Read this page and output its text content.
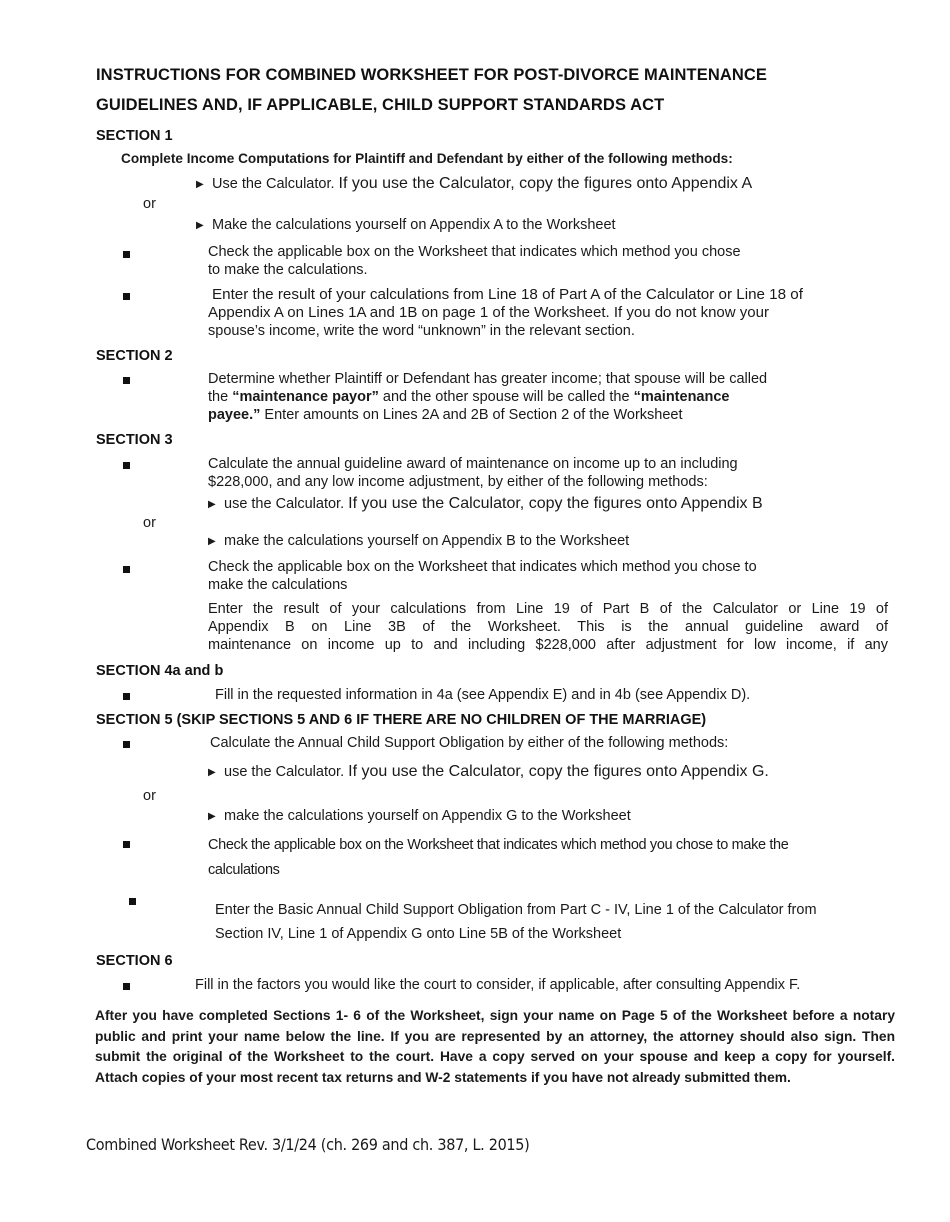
INSTRUCTIONS FOR COMBINED WORKSHEET FOR POST-DIVORCE MAINTENANCE
GUIDELINES AND, IF APPLICABLE, CHILD SUPPORT STANDARDS ACT
SECTION 1
Complete Income Computations for Plaintiff and Defendant by either of the following methods:
▶ Use the Calculator. If you use the Calculator, copy the figures onto Appendix A
or
▶ Make the calculations yourself on Appendix A to the Worksheet
Check the applicable box on the Worksheet that indicates which method you chose
to make the calculations.
Enter the result of your calculations from Line 18 of Part A of the Calculator or Line 18 of
Appendix A on Lines 1A and 1B on page 1 of the Worksheet. If you do not know your
spouse’s income, write the word “unknown” in the relevant section.
SECTION 2
Determine whether Plaintiff or Defendant has greater income; that spouse will be called
the “maintenance payor” and the other spouse will be called the “maintenance
payee.” Enter amounts on Lines 2A and 2B of Section 2 of the Worksheet
SECTION 3
Calculate the annual guideline award of maintenance on income up to an including
$228,000, and any low income adjustment, by either of the following methods:
▶ use the Calculator. If you use the Calculator, copy the figures onto Appendix B
or
▶ make the calculations yourself on Appendix B to the Worksheet
Check the applicable box on the Worksheet that indicates which method you chose to
make the calculations
Enter the result of your calculations from Line 19 of Part B of the Calculator or Line 19 of
Appendix B on Line 3B of the Worksheet. This is the annual guideline award of
maintenance on income up to and including $228,000 after adjustment for low income, if any
SECTION 4a and b
Fill in the requested information in 4a (see Appendix E) and in 4b (see Appendix D).
SECTION 5 (SKIP SECTIONS 5 AND 6 IF THERE ARE NO CHILDREN OF THE MARRIAGE)
Calculate the Annual Child Support Obligation by either of the following methods:
▶ use the Calculator. If you use the Calculator, copy the figures onto Appendix G.
or
▶ make the calculations yourself on Appendix G to the Worksheet
Check the applicable box on the Worksheet that indicates which method you chose to make the
calculations
Enter the Basic Annual Child Support Obligation from Part C - IV, Line 1 of the Calculator from
Section IV, Line 1 of Appendix G onto Line 5B of the Worksheet
SECTION 6
Fill in the factors you would like the court to consider, if applicable, after consulting Appendix F.
After you have completed Sections 1- 6 of the Worksheet, sign your name on Page 5 of the Worksheet before a notary public and print your name below the line. If you are represented by an attorney, the attorney should also sign. Then submit the original of the Worksheet to the court. Have a copy served on your spouse and keep a copy for yourself. Attach copies of your most recent tax returns and W-2 statements if you have not already submitted them.
Combined Worksheet Rev. 3/1/24 (ch. 269 and ch. 387, L. 2015)
